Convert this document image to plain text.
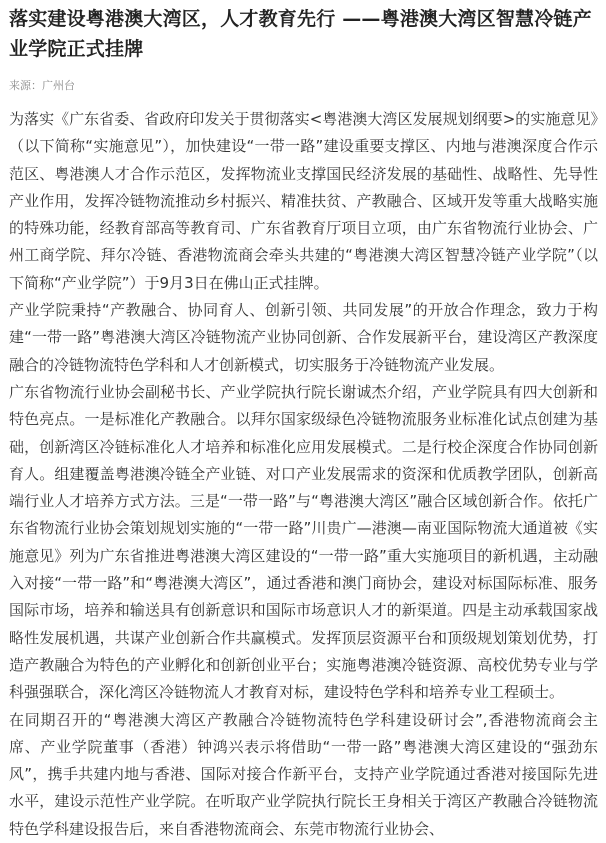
落实建设粤港澳大湾区，人才教育先行 ——粤港澳大湾区智慧冷链产业学院正式挂牌
来源：广州台

为落实《广东省委、省政府印发关于贯彻落实<粤港澳大湾区发展规划纲要>的实施意见》（以下简称“实施意见”），加快建设“一带一路”建设重要支撑区、内地与港澳深度合作示范区、粤港澳人才合作示范区，发挥物流业支撑国民经济发展的基础性、战略性、先导性产业作用，发挥冷链物流推动乡村振兴、精准扶贫、产教融合、区域开发等重大战略实施的特殊功能，经教育部高等教育司、广东省教育厅项目立项，由广东省物流行业协会、广州工商学院、拜尔冷链、香港物流商会牵头共建的“粤港澳大湾区智慧冷链产业学院”（以下简称“产业学院”）于9月3日在佛山正式挂牌。

产业学院秉持“产教融合、协同育人、创新引领、共同发展”的开放合作理念，致力于构建“一带一路”粤港澳大湾区冷链物流产业协同创新、合作发展新平台，建设湾区产教深度融合的冷链物流特色学科和人才创新模式，切实服务于冷链物流产业发展。

广东省物流行业协会副秘书长、产业学院执行院长谢诚杰介绍，产业学院具有四大创新和特色亮点。一是标准化产教融合。以拜尔国家级绿色冷链物流服务业标准化试点创建为基础，创新湾区冷链标准化人才培养和标准化应用发展模式。二是行校企深度合作协同创新育人。组建覆盖粤港澳冷链全产业链、对口产业发展需求的资深和优质教学团队，创新高端行业人才培养方式方法。三是“一带一路”与“粤港澳大湾区”融合区域创新合作。依托广东省物流行业协会策划规划实施的“一带一路”川贵广—港澳—南亚国际物流大通道被《实施意见》列为广东省推进粤港澳大湾区建设的“一带一路”重大实施项目的新机遇，主动融入对接“一带一路”和“粤港澳大湾区”，通过香港和澳门商协会，建设对标国际标准、服务国际市场，培养和输送具有创新意识和国际市场意识人才的新渠道。四是主动承载国家战略性发展机遇，共谋产业创新合作共赢模式。发挥顶层资源平台和顶级规划策划优势，打造产教融合为特色的产业孵化和创新创业平台；实施粤港澳冷链资源、高校优势专业与学科强强联合，深化湾区冷链物流人才教育对标，建设特色学科和培养专业工程硕士。

在同期召开的“粤港澳大湾区产教融合冷链物流特色学科建设研讨会”,香港物流商会主席、产业学院董事（香港）钟鸿兴表示将借助“一带一路”粤港澳大湾区建设的“强劲东风”，携手共建内地与香港、国际对接合作新平台，支持产业学院通过香港对接国际先进水平，建设示范性产业学院。在听取产业学院执行院长王身相关于湾区产教融合冷链物流特色学科建设报告后，来自香港物流商会、东莞市物流行业协会、
